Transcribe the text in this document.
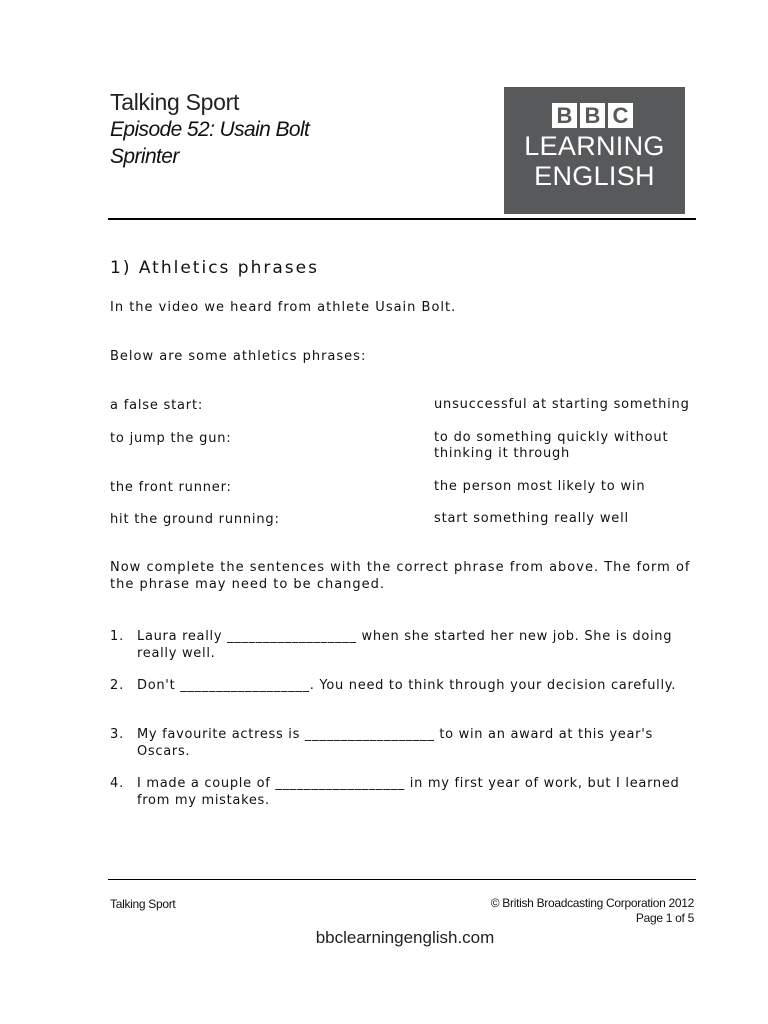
Talking Sport
Episode 52: Usain Bolt
Sprinter
B B C
LEARNING
ENGLISH
1) Athletics phrases
In the video we heard from athlete Usain Bolt.
Below are some athletics phrases:
a false start:	unsuccessful at starting something
to jump the gun:	to do something quickly without thinking it through
the front runner:	the person most likely to win
hit the ground running:	start something really well
Now complete the sentences with the correct phrase from above. The form of the phrase may need to be changed.
1. Laura really __________________ when she started her new job. She is doing really well.
2. Don't __________________. You need to think through your decision carefully.
3. My favourite actress is __________________ to win an award at this year's Oscars.
4. I made a couple of __________________ in my first year of work, but I learned from my mistakes.
Talking Sport	© British Broadcasting Corporation 2012
Page 1 of 5
bbclearningenglish.com
